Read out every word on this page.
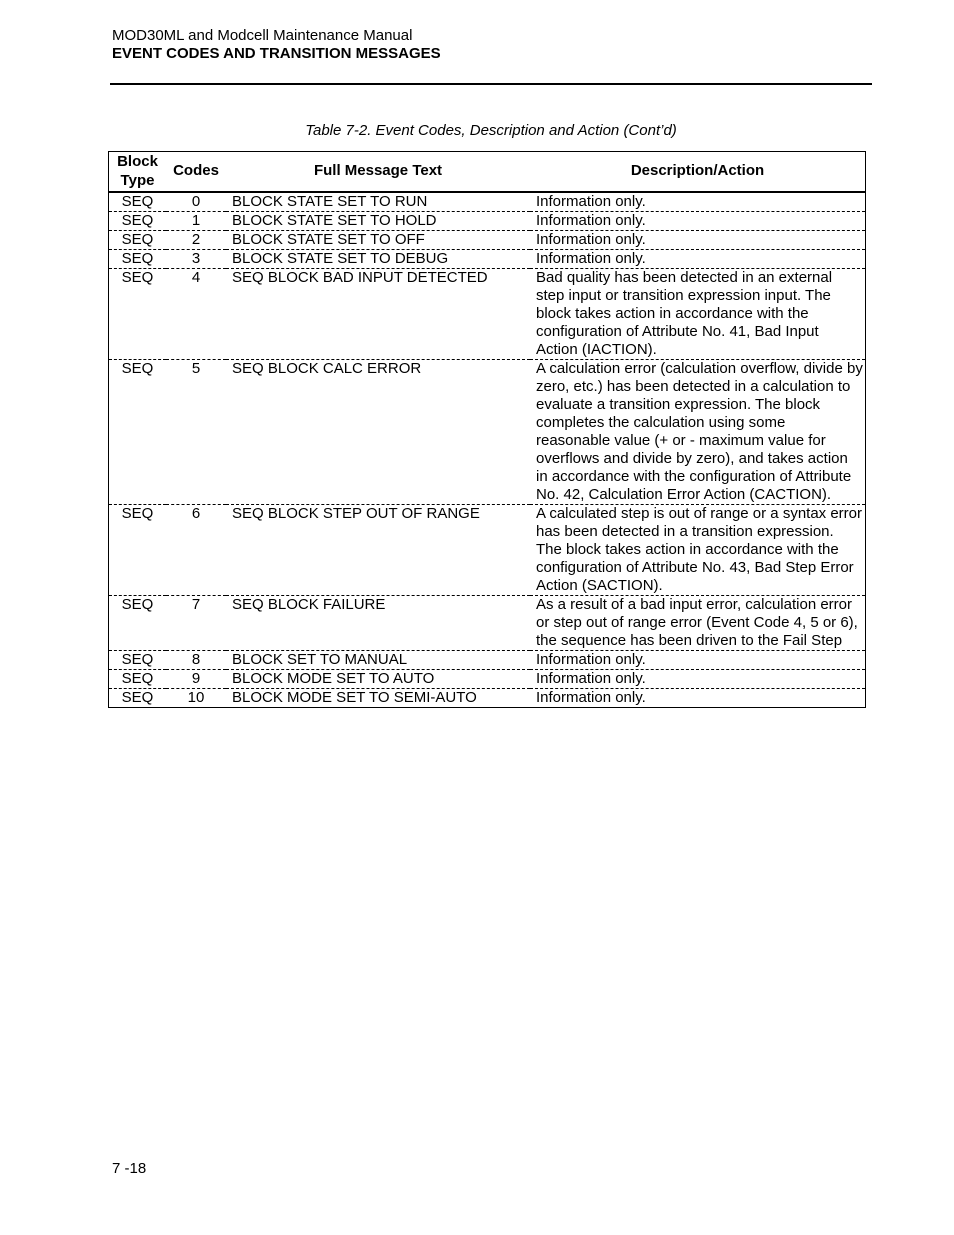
MOD30ML and Modcell Maintenance Manual
EVENT CODES AND TRANSITION MESSAGES
Table 7-2. Event Codes, Description and Action (Cont’d)
Block Type	Codes	Full Message Text	Description/Action
SEQ	0	BLOCK STATE SET TO RUN	Information only.
SEQ	1	BLOCK STATE SET TO HOLD	Information only.
SEQ	2	BLOCK STATE SET TO OFF	Information only.
SEQ	3	BLOCK STATE SET TO DEBUG	Information only.
SEQ	4	SEQ BLOCK BAD INPUT DETECTED	Bad quality has been detected in an external step input or transition expression input. The block takes action in accordance with the configuration of Attribute No. 41, Bad Input Action (IACTION).
SEQ	5	SEQ BLOCK CALC ERROR	A calculation error (calculation overflow, divide by zero, etc.) has been detected in a calculation to evaluate a transition expression. The block completes the calculation using some reasonable value (+ or - maximum value for overflows and divide by zero), and takes action in accordance with the configuration of Attribute No. 42, Calculation Error Action (CACTION).
SEQ	6	SEQ BLOCK STEP OUT OF RANGE	A calculated step is out of range or a syntax error has been detected in a transition expression. The block takes action in accordance with the configuration of Attribute No. 43, Bad Step Error Action (SACTION).
SEQ	7	SEQ BLOCK FAILURE	As a result of a bad input error, calculation error or step out of range error (Event Code 4, 5 or 6), the sequence has been driven to the Fail Step
SEQ	8	BLOCK SET TO MANUAL	Information only.
SEQ	9	BLOCK MODE SET TO AUTO	Information only.
SEQ	10	BLOCK MODE SET TO SEMI-AUTO	Information only.
7 -18
